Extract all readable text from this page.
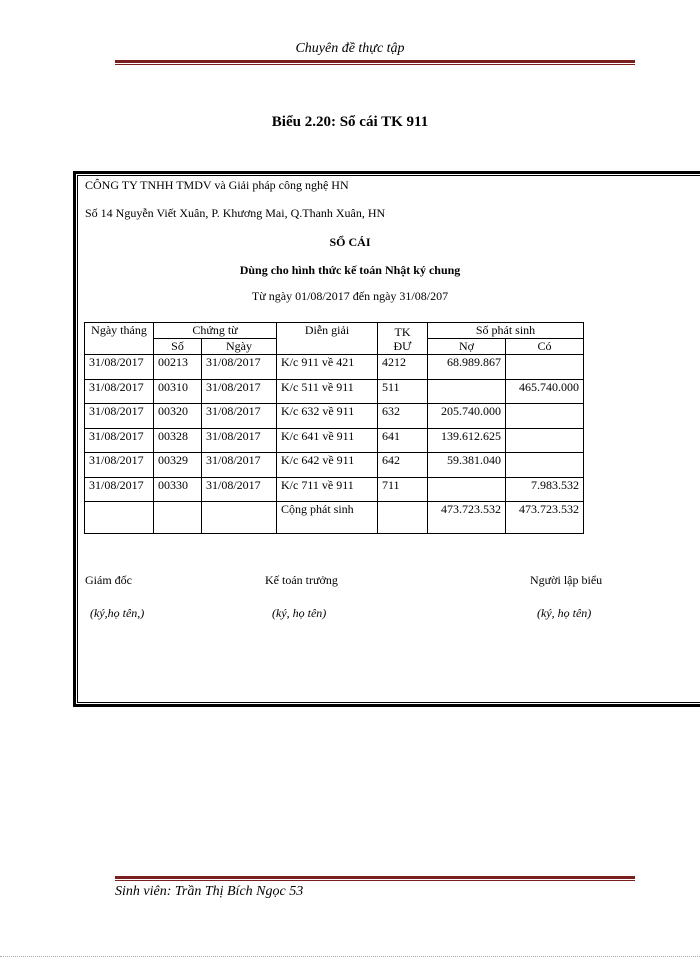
Chuyên đề thực tập
Biểu 2.20: Sổ cái TK 911
CÔNG TY TNHH TMDV và Giải pháp công nghệ HN
Số 14 Nguyễn Viết Xuân, P. Khương Mai, Q.Thanh Xuân, HN
SỔ CÁI
Dùng cho hình thức kế toán Nhật ký chung
Từ ngày 01/08/2017 đến ngày 31/08/207
Ngày tháng	Chứng từ		Diễn giải	TK
ĐƯ	Số phát sinh	
	Số	Ngày			Nợ	Có
31/08/2017	00213	31/08/2017	K/c 911 về 421	4212	68.989.867	
31/08/2017	00310	31/08/2017	K/c 511 về 911	511		465.740.000
31/08/2017	00320	31/08/2017	K/c 632 về 911	632	205.740.000	
31/08/2017	00328	31/08/2017	K/c 641 về 911	641	139.612.625	
31/08/2017	00329	31/08/2017	K/c 642 về 911	642	59.381.040	
31/08/2017	00330	31/08/2017	K/c 711 về 911	711		7.983.532
			Cộng phát sinh		473.723.532	473.723.532
Giám đốc	Kế toán trưởng	Người lập biểu
(ký,họ tên,)	(ký, họ tên)	(ký, họ tên)
Sinh viên: Trần Thị Bích Ngọc 53
